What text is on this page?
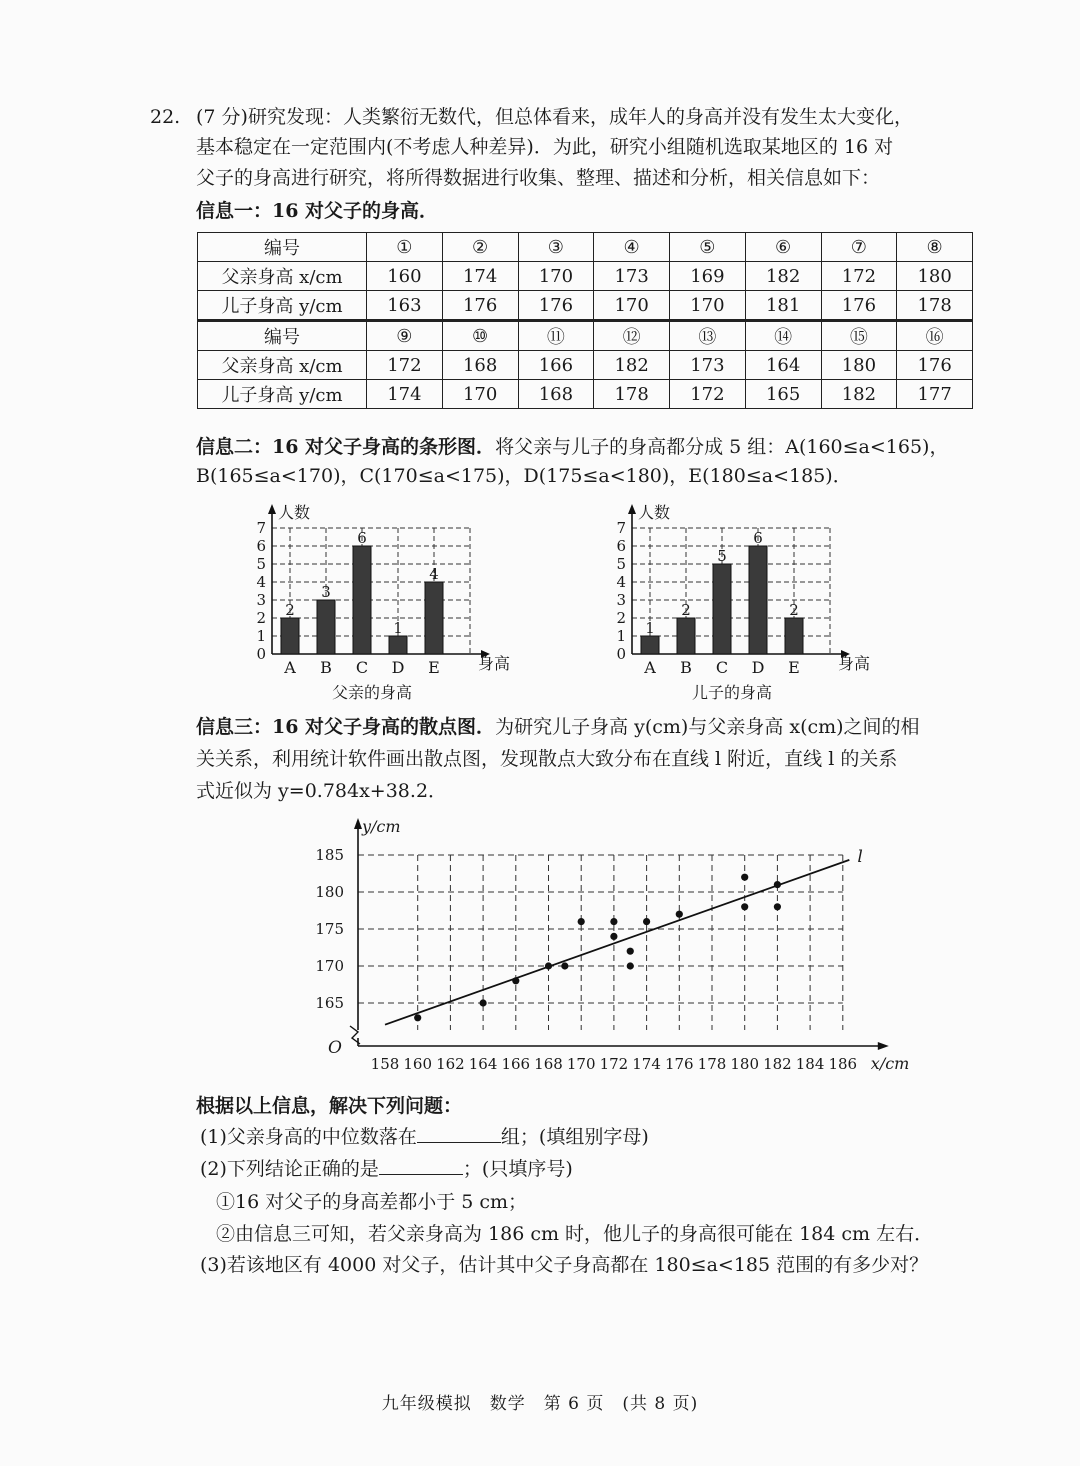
22. (7 分)研究发现：人类繁衍无数代，但总体看来，成年人的身高并没有发生太大变化，
基本稳定在一定范围内(不考虑人种差异)．为此，研究小组随机选取某地区的 16 对
父子的身高进行研究，将所得数据进行收集、整理、描述和分析，相关信息如下：
信息一：16 对父子的身高．
编号	①	②	③	④	⑤	⑥	⑦	⑧
父亲身高 x/cm	160	174	170	173	169	182	172	180
儿子身高 y/cm	163	176	176	170	170	181	176	178
编号	⑨	⑩	⑪	⑫	⑬	⑭	⑮	⑯
父亲身高 x/cm	172	168	166	182	173	164	180	176
儿子身高 y/cm	174	170	168	178	172	165	182	177
信息二：16 对父子身高的条形图．将父亲与儿子的身高都分成 5 组：A(160≤a<165)，
B(165≤a<170)，C(170≤a<175)，D(175≤a<180)，E(180≤a<185)．
0
1
2
3
4
5
6
7
人数
2
A
3
B
6
C
1
D
4
E 身高
父亲的身高
0
1
2
3
4
5
6
7
人数
1
A
2
B
5
C
6
D
2
E 身高
儿子的身高
信息三：16 对父子身高的散点图．为研究儿子身高 y(cm)与父亲身高 x(cm)之间的相
关关系，利用统计软件画出散点图，发现散点大致分布在直线 l 附近，直线 l 的关系
式近似为 y=0.784x+38.2．
y/cm
O
165
170
175
180
185
158 160 162 164 166 168 170 172 174 176 178 180 182 184 186 x/cm
l
根据以上信息，解决下列问题：
(1)父亲身高的中位数落在	组；(填组别字母)
(2)下列结论正确的是	；(只填序号)
①16 对父子的身高差都小于 5 cm；
②由信息三可知，若父亲身高为 186 cm 时，他儿子的身高很可能在 184 cm 左右．
(3)若该地区有 4000 对父子，估计其中父子身高都在 180≤a<185 范围的有多少对？
九年级模拟　数学　第 6 页　(共 8 页)
